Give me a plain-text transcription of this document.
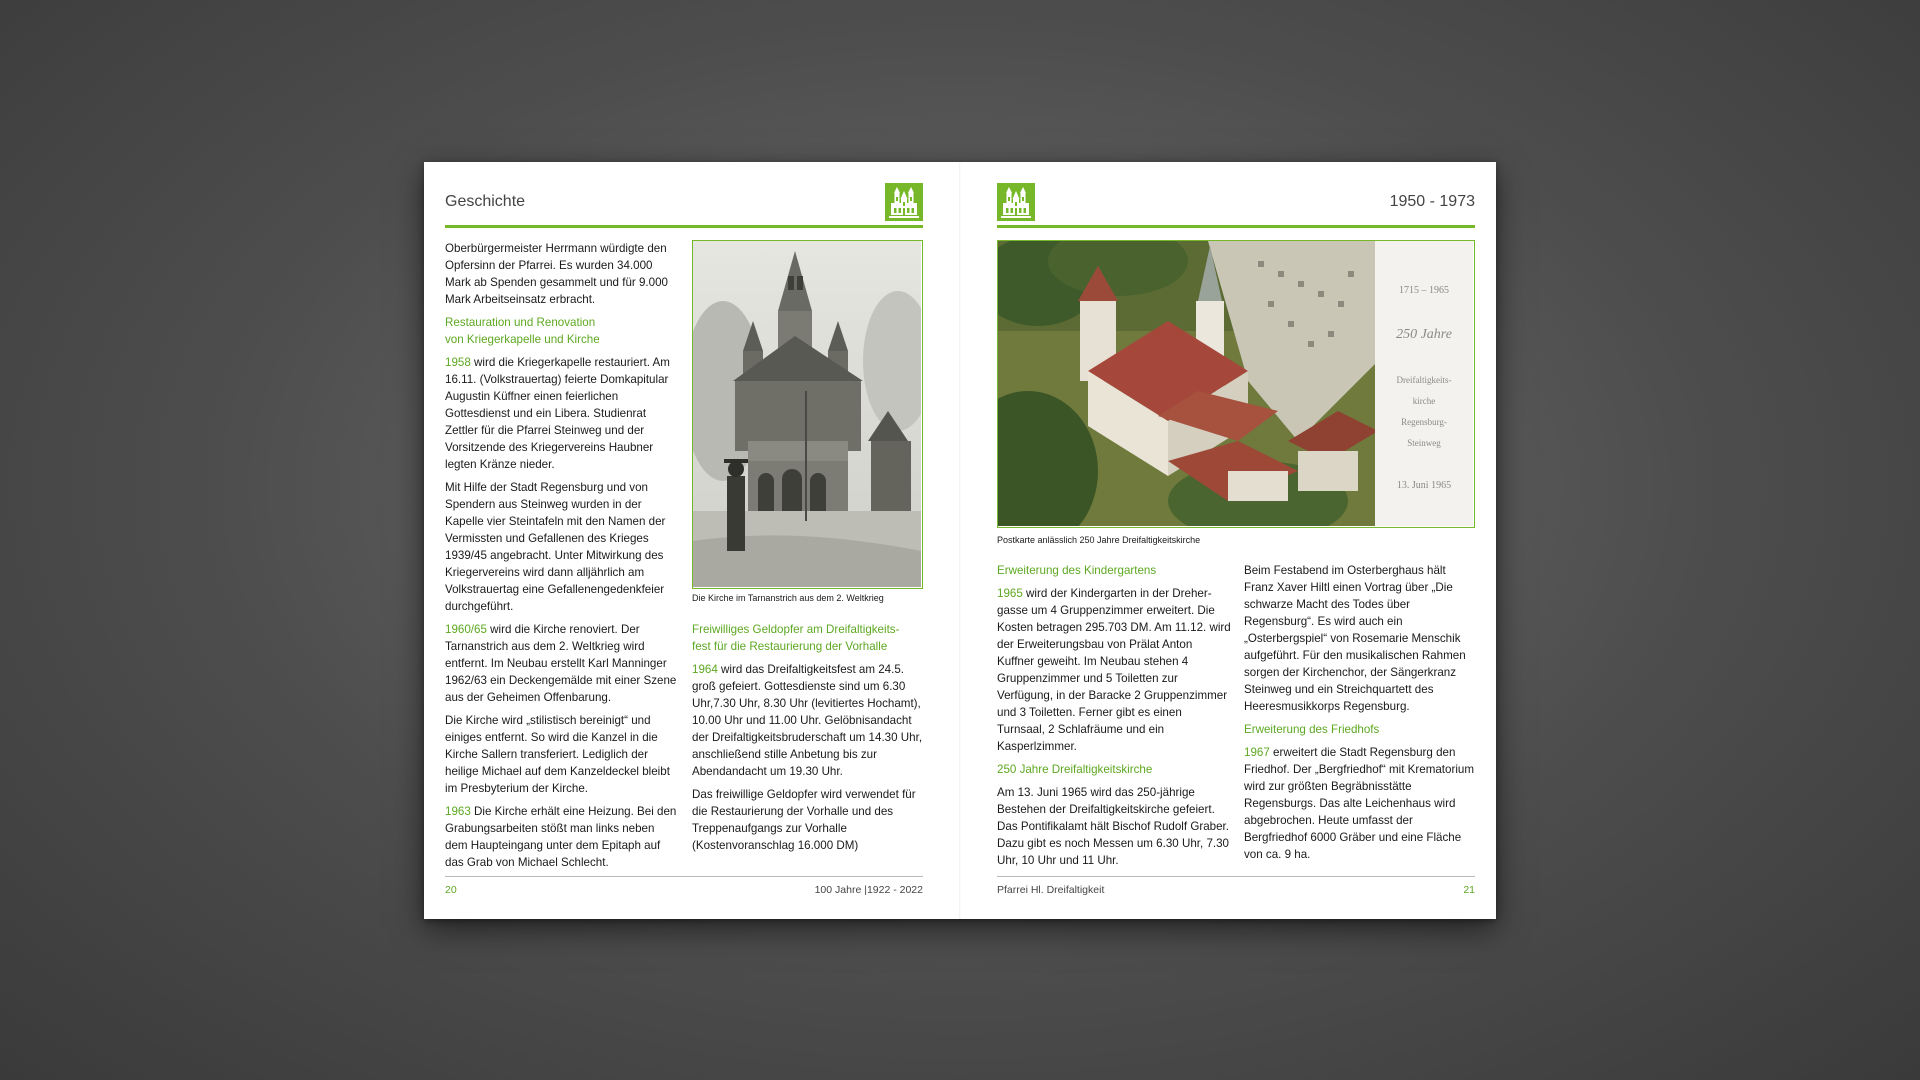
Geschichte

Oberbürgermeister Herrmann würdigte den Opfersinn der Pfarrei. Es wurden 34.000 Mark ab Spenden gesammelt und für 9.000 Mark Arbeitseinsatz erbracht.

Restauration und Renovation
von Kriegerkapelle und Kirche

1958 wird die Kriegerkapelle restauriert. Am 16.11. (Volkstrauertag) feierte Domkapitular Augustin Küffner einen feierlichen Gottesdienst und ein Libera. Studienrat Zettler für die Pfarrei Steinweg und der Vorsitzende des Kriegervereins Haubner legten Kränze nieder.

Mit Hilfe der Stadt Regensburg und von Spendern aus Steinweg wurden in der Kapelle vier Steintafeln mit den Namen der Vermissten und Gefallenen des Krieges 1939/45 angebracht. Unter Mitwirkung des Kriegervereins wird dann alljährlich am Volkstrauertag eine Gefallenengedenkfeier durchgeführt.

1960/65 wird die Kirche renoviert. Der Tarnanstrich aus dem 2. Weltkrieg wird entfernt. Im Neubau erstellt Karl Manninger 1962/63 ein Deckengemälde mit einer Szene aus der Geheimen Offenbarung.

Die Kirche wird „stilistisch bereinigt“ und einiges entfernt. So wird die Kanzel in die Kirche Sallern transferiert. Lediglich der heilige Michael auf dem Kanzeldeckel bleibt im Presbyterium der Kirche.

1963 Die Kirche erhält eine Heizung. Bei den Grabungsarbeiten stößt man links neben dem Haupteingang unter dem Epitaph auf das Grab von Michael Schlecht.

Die Kirche im Tarnanstrich aus dem 2. Weltkrieg
Freiwilliges Geldopfer am Dreifaltigkeits-
fest für die Restaurierung der Vorhalle

1964 wird das Dreifaltigkeitsfest am 24.5. groß gefeiert. Gottesdienste sind um 6.30 Uhr,7.30 Uhr, 8.30 Uhr (levitiertes Hochamt), 10.00 Uhr und 11.00 Uhr. Gelöbnisandacht der Dreifaltigkeitsbruderschaft um 14.30 Uhr, anschließend stille Anbetung bis zur Abendandacht um 19.30 Uhr.

Das freiwillige Geldopfer wird verwendet für die Restaurierung der Vorhalle und des Treppenaufgangs zur Vorhalle (Kostenvoranschlag 16.000 DM)

20	100 Jahre |1922 - 2022
1950 - 1973
1715 – 1965
250 Jahre
Dreifaltigkeits-
kirche
Regensburg-
Steinweg
13. Juni 1965
Postkarte anlässlich 250 Jahre Dreifaltigkeitskirche
Erweiterung des Kindergartens

1965 wird der Kindergarten in der Dreher-gasse um 4 Gruppenzimmer erweitert. Die Kosten betragen 295.703 DM. Am 11.12. wird der Erweiterungsbau von Prälat Anton Kuffner geweiht. Im Neubau stehen 4 Gruppenzimmer und 5 Toiletten zur Verfügung, in der Baracke 2 Gruppenzimmer und 3 Toiletten. Ferner gibt es einen Turnsaal, 2 Schlafräume und ein Kasperlzimmer.

250 Jahre Dreifaltigkeitskirche

Am 13. Juni 1965 wird das 250-jährige Bestehen der Dreifaltigkeitskirche gefeiert. Das Pontifikalamt hält Bischof Rudolf Graber. Dazu gibt es noch Messen um 6.30 Uhr, 7.30 Uhr, 10 Uhr und 11 Uhr.

Beim Festabend im Osterberghaus hält Franz Xaver Hiltl einen Vortrag über „Die schwarze Macht des Todes über Regensburg“. Es wird auch ein „Osterbergspiel“ von Rosemarie Menschik aufgeführt. Für den musikalischen Rahmen sorgen der Kirchenchor, der Sängerkranz Steinweg und ein Streichquartett des Heeresmusikkorps Regensburg.

Erweiterung des Friedhofs

1967 erweitert die Stadt Regensburg den Friedhof. Der „Bergfriedhof“ mit Krematorium wird zur größten Begräbnisstätte Regensburgs. Das alte Leichenhaus wird abgebrochen. Heute umfasst der Bergfriedhof 6000 Gräber und eine Fläche von ca. 9 ha.

Pfarrei Hl. Dreifaltigkeit	21
